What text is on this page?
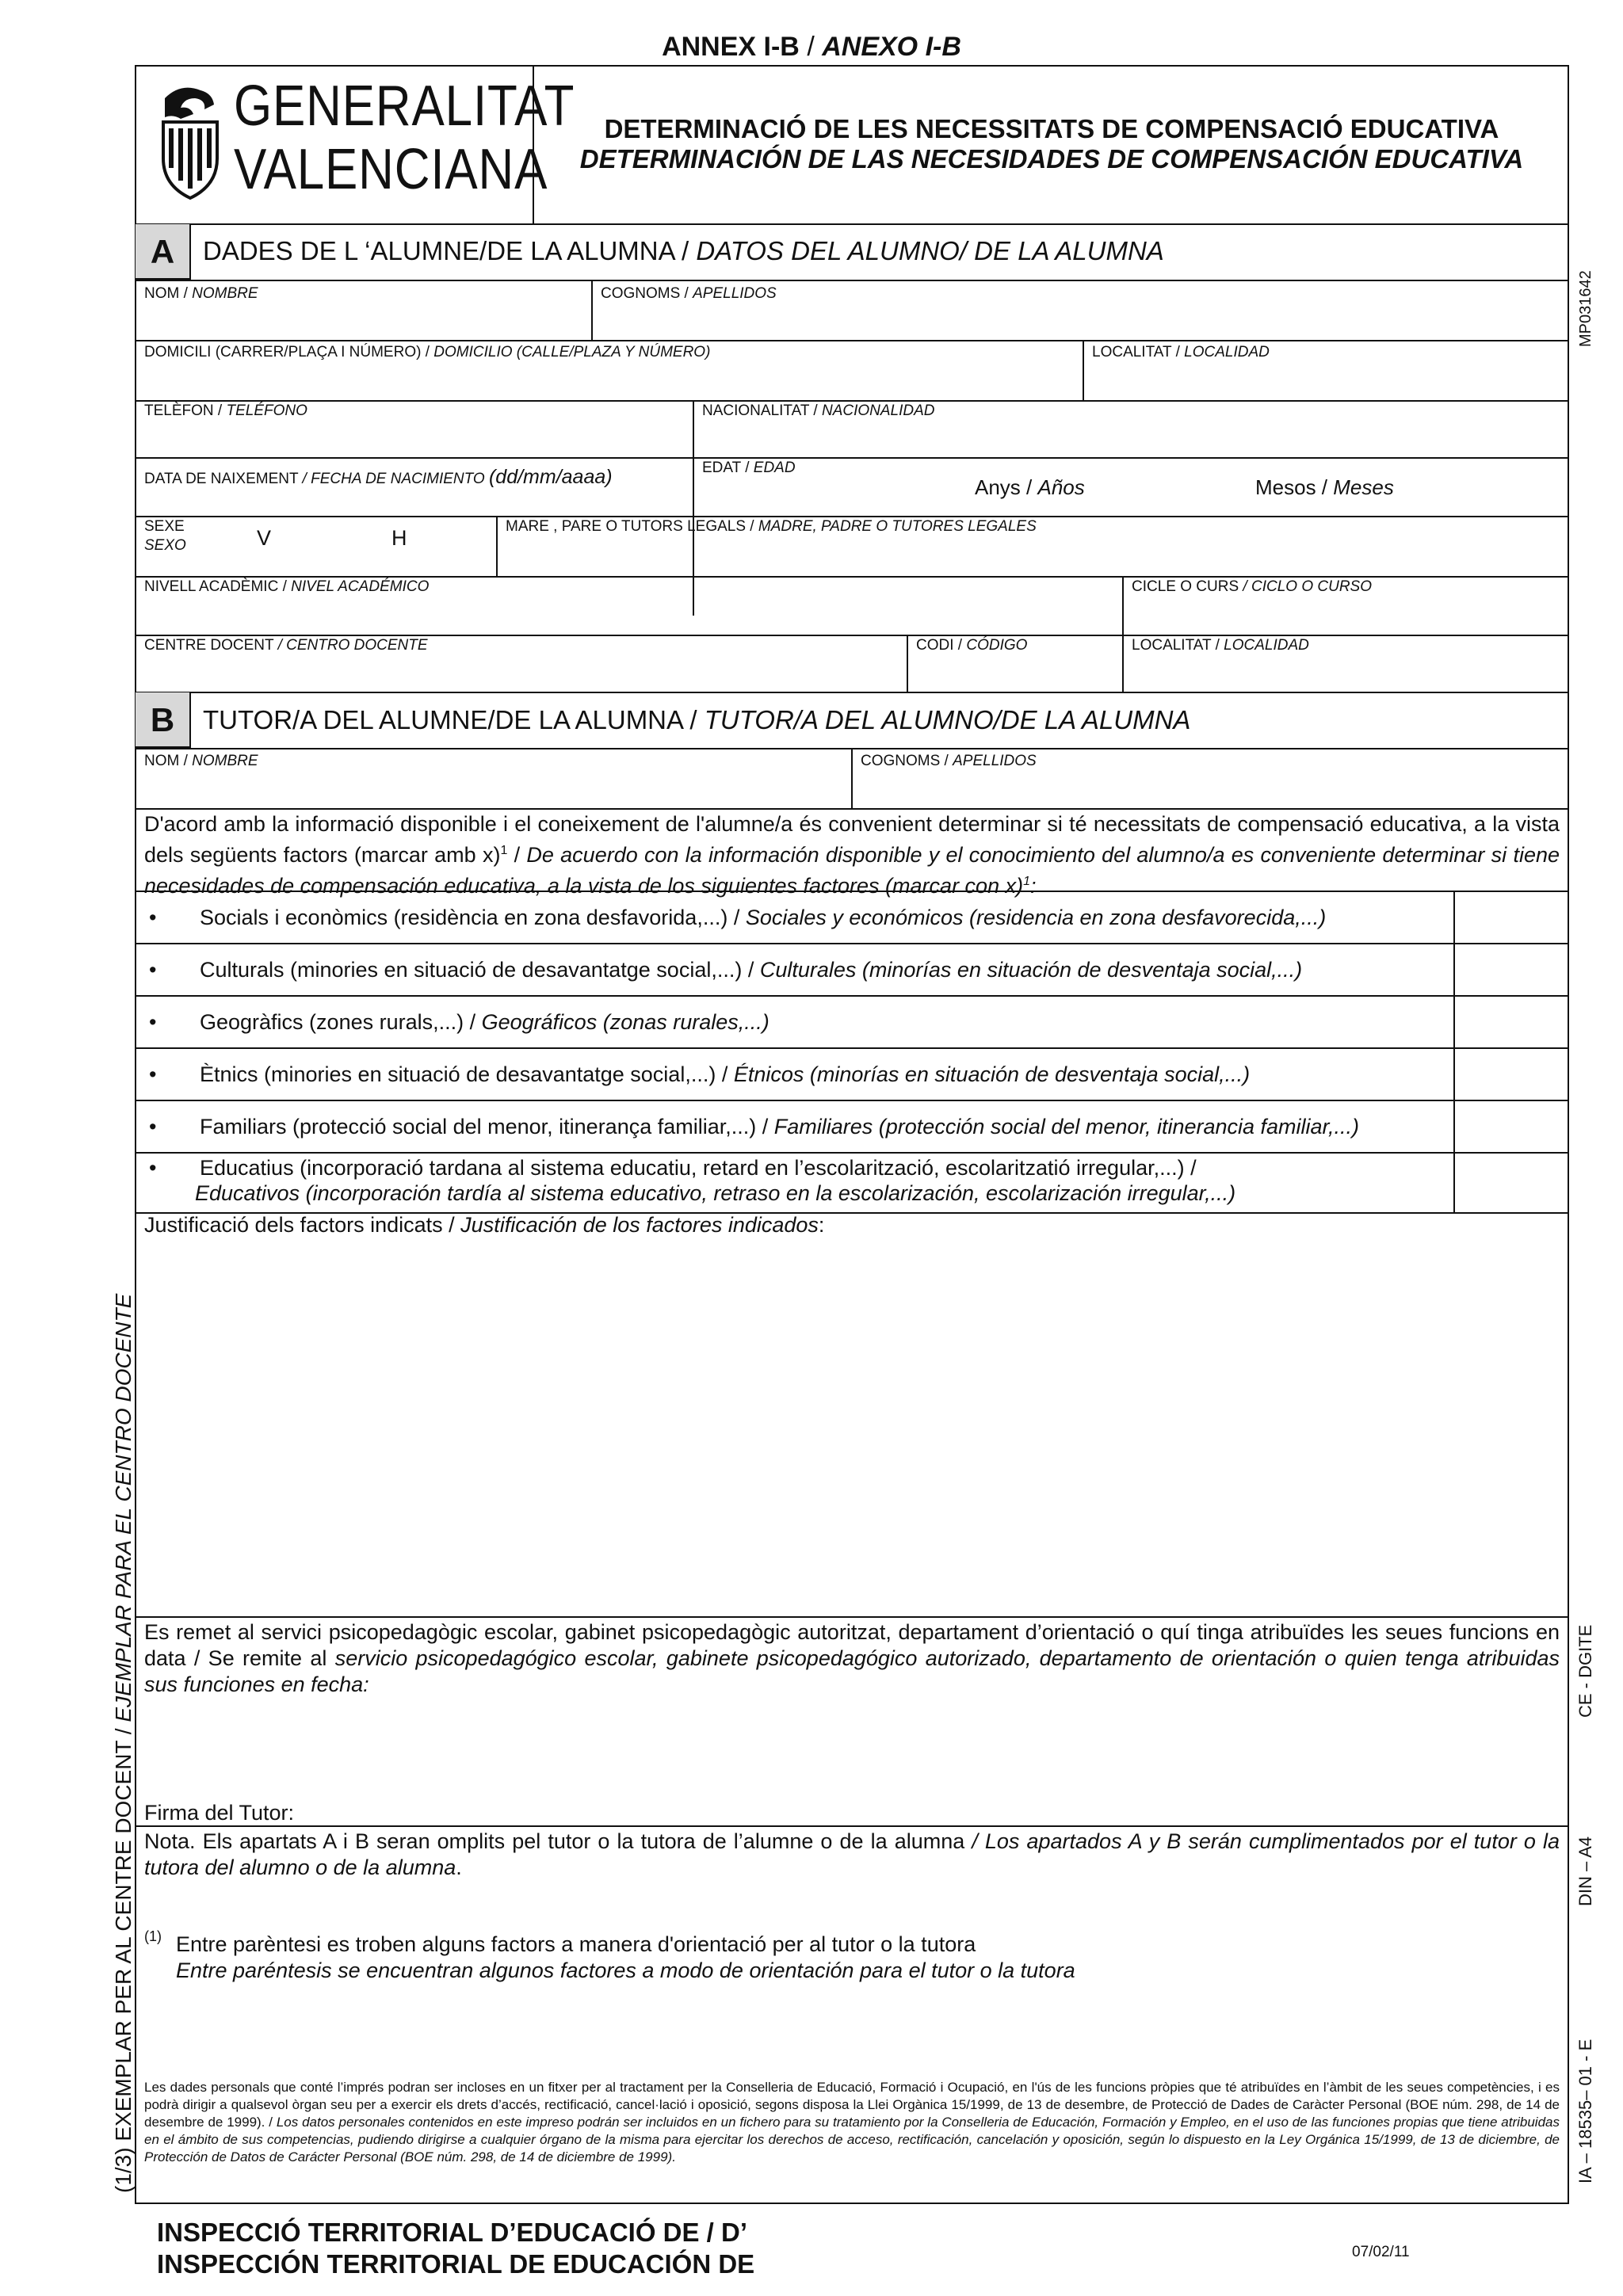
ANNEX I-B / ANEXO I-B
GENERALITAT
VALENCIANA
DETERMINACIÓ DE LES NECESSITATS DE COMPENSACIÓ EDUCATIVA
DETERMINACIÓN DE LAS NECESIDADES DE COMPENSACIÓN EDUCATIVA
A	DADES DE L ‘ALUMNE/DE LA ALUMNA / DATOS DEL ALUMNO/ DE LA ALUMNA
NOM / NOMBRE	COGNOMS / APELLIDOS
DOMICILI (CARRER/PLAÇA I NÚMERO) / DOMICILIO (CALLE/PLAZA Y NÚMERO)	LOCALITAT / LOCALIDAD
TELÈFON / TELÉFONO	NACIONALITAT / NACIONALIDAD
DATA DE NAIXEMENT / FECHA DE NACIMIENTO (dd/mm/aaaa)	EDAT / EDAD
Anys / Años	Mesos / Meses
SEXE
SEXO	V	H	MARE , PARE O TUTORS LEGALS / MADRE, PADRE O TUTORES LEGALES
NIVELL ACADÈMIC / NIVEL ACADÉMICO	CICLE O CURS / CICLO O CURSO
CENTRE DOCENT / CENTRO DOCENTE	CODI / CÓDIGO	LOCALITAT / LOCALIDAD
B	TUTOR/A DEL ALUMNE/DE LA ALUMNA / TUTOR/A DEL ALUMNO/DE LA ALUMNA
NOM / NOMBRE	COGNOMS / APELLIDOS
D'acord amb la informació disponible i el coneixement de l'alumne/a és convenient determinar si té necessitats de compensació educativa, a la vista dels següents factors (marcar amb x)$^1$ / De acuerdo con la información disponible y el conocimiento del alumno/a es conveniente determinar si tiene necesidades de compensación educativa, a la vista de los siguientes factores (marcar con x)$^1$:
• Socials i econòmics (residència en zona desfavorida,...) / Sociales y económicos (residencia en zona desfavorecida,...)
• Culturals (minories en situació de desavantatge social,...) / Culturales (minorías en situación de desventaja social,...)
• Geogràfics (zones rurals,...) / Geográficos (zonas rurales,...)
• Ètnics (minories en situació de desavantatge social,...) / Étnicos (minorías en situación de desventaja social,...)
• Familiars (protecció social del menor, itinerança familiar,...) / Familiares (protección social del menor, itinerancia familiar,...)
• Educatius (incorporació tardana al sistema educatiu, retard en l’escolarització, escolaritzatió irregular,...) /
Educativos (incorporación tardía al sistema educativo, retraso en la escolarización, escolarización irregular,...)
Justificació dels factors indicats / Justificación de los factores indicados:
Es remet al servici psicopedagògic escolar, gabinet psicopedagògic autoritzat, departament d’orientació o quí tinga atribuïdes les seues funcions en data / Se remite al servicio psicopedagógico escolar, gabinete psicopedagógico autorizado, departamento de orientación o quien tenga atribuidas sus funciones en fecha:
Firma del Tutor:
Nota. Els apartats A i B seran omplits pel tutor o la tutora de l’alumne o de la alumna / Los apartados A y B serán cumplimentados por el tutor o la tutora del alumno o de la alumna.
(1) Entre parèntesi es troben alguns factors a manera d'orientació per al tutor o la tutora
Entre paréntesis se encuentran algunos factores a modo de orientación para el tutor o la tutora
Les dades personals que conté l’imprés podran ser incloses en un fitxer per al tractament per la Conselleria de Educació, Formació i Ocupació, en l'ús de les funcions pròpies que té atribuïdes en l’àmbit de les seues competències, i es podrà dirigir a qualsevol òrgan seu per a exercir els drets d’accés, rectificació, cancel·lació i oposició, segons disposa la Llei Orgànica 15/1999, de 13 de desembre, de Protecció de Dades de Caràcter Personal (BOE núm. 298, de 14 de desembre de 1999). / Los datos personales contenidos en este impreso podrán ser incluidos en un fichero para su tratamiento por la Conselleria de Educación, Formación y Empleo, en el uso de las funciones propias que tiene atribuidas en el ámbito de sus competencias, pudiendo dirigirse a cualquier órgano de la misma para ejercitar los derechos de acceso, rectificación, cancelación y oposición, según lo dispuesto en la Ley Orgánica 15/1999, de 13 de diciembre, de Protección de Datos de Carácter Personal (BOE núm. 298, de 14 de diciembre de 1999).
INSPECCIÓ TERRITORIAL D’EDUCACIÓ DE / D’
INSPECCIÓN TERRITORIAL DE EDUCACIÓN DE	07/02/11
(1/3) EXEMPLAR PER AL CENTRE DOCENT / EJEMPLAR PARA EL CENTRO DOCENTE
MP031642
CE - DGITE
DIN – A4
IA – 18535– 01 - E
